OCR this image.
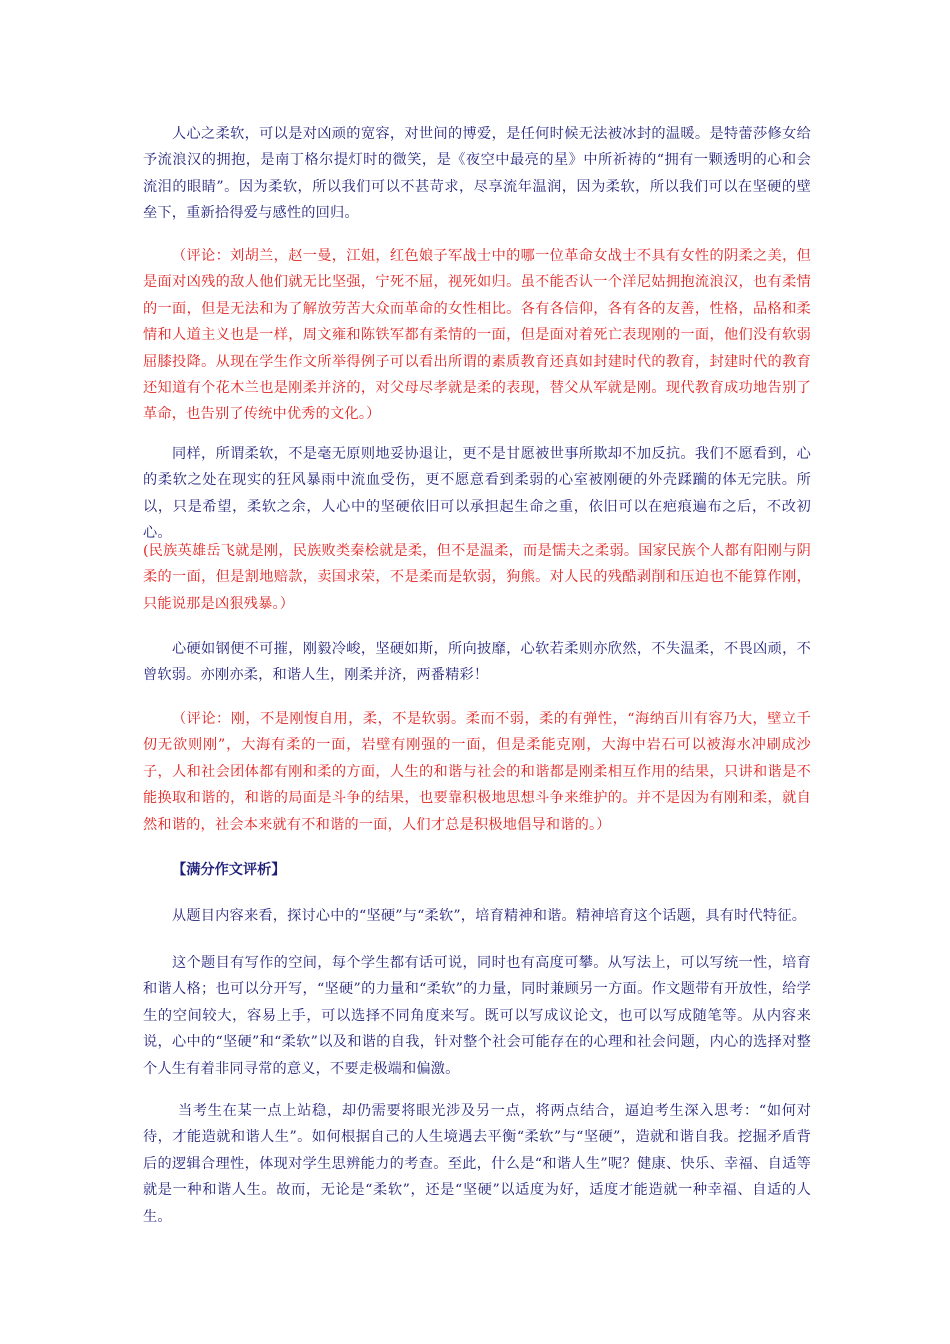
人心之柔软，可以是对凶顽的宽容，对世间的博爱，是任何时候无法被冰封的温暖。是特蕾莎修女给予流浪汉的拥抱，是南丁格尔提灯时的微笑，是《夜空中最亮的星》中所祈祷的“拥有一颗透明的心和会流泪的眼睛”。因为柔软，所以我们可以不甚苛求，尽享流年温润，因为柔软，所以我们可以在坚硬的壁垒下，重新拾得爱与感性的回归。

（评论：刘胡兰，赵一曼，江姐，红色娘子军战士中的哪一位革命女战士不具有女性的阴柔之美，但是面对凶残的敌人他们就无比坚强，宁死不屈，视死如归。虽不能否认一个洋尼姑拥抱流浪汉，也有柔情的一面，但是无法和为了解放劳苦大众而革命的女性相比。各有各信仰，各有各的友善，性格，品格和柔情和人道主义也是一样，周文雍和陈铁军都有柔情的一面，但是面对着死亡表现刚的一面，他们没有软弱屈膝投降。从现在学生作文所举得例子可以看出所谓的素质教育还真如封建时代的教育，封建时代的教育还知道有个花木兰也是刚柔并济的，对父母尽孝就是柔的表现，替父从军就是刚。现代教育成功地告别了革命，也告别了传统中优秀的文化。）

同样，所谓柔软，不是毫无原则地妥协退让，更不是甘愿被世事所欺却不加反抗。我们不愿看到，心的柔软之处在现实的狂风暴雨中流血受伤，更不愿意看到柔弱的心室被刚硬的外壳蹂躏的体无完肤。所以，只是希望，柔软之余，人心中的坚硬依旧可以承担起生命之重，依旧可以在疤痕遍布之后，不改初心。

(民族英雄岳飞就是刚，民族败类秦桧就是柔，但不是温柔，而是懦夫之柔弱。国家民族个人都有阳刚与阴柔的一面，但是割地赔款，卖国求荣，不是柔而是软弱，狗熊。对人民的残酷剥削和压迫也不能算作刚，只能说那是凶狠残暴。）

心硬如钢便不可摧，刚毅冷峻，坚硬如斯，所向披靡，心软若柔则亦欣然，不失温柔，不畏凶顽，不曾软弱。亦刚亦柔，和谐人生，刚柔并济，两番精彩！

（评论：刚，不是刚愎自用，柔，不是软弱。柔而不弱，柔的有弹性，“海纳百川有容乃大，壁立千仞无欲则刚”，大海有柔的一面，岩壁有刚强的一面，但是柔能克刚，大海中岩石可以被海水冲刷成沙子，人和社会团体都有刚和柔的方面，人生的和谐与社会的和谐都是刚柔相互作用的结果，只讲和谐是不能换取和谐的，和谐的局面是斗争的结果，也要靠积极地思想斗争来维护的。并不是因为有刚和柔，就自然和谐的，社会本来就有不和谐的一面，人们才总是积极地倡导和谐的。）

【满分作文评析】

从题目内容来看，探讨心中的“坚硬”与“柔软”，培育精神和谐。精神培育这个话题，具有时代特征。

这个题目有写作的空间，每个学生都有话可说，同时也有高度可攀。从写法上，可以写统一性，培育和谐人格；也可以分开写，“坚硬”的力量和“柔软”的力量，同时兼顾另一方面。作文题带有开放性，给学生的空间较大，容易上手，可以选择不同角度来写。既可以写成议论文，也可以写成随笔等。从内容来说，心中的“坚硬”和“柔软”以及和谐的自我，针对整个社会可能存在的心理和社会问题，内心的选择对整个人生有着非同寻常的意义，不要走极端和偏激。

当考生在某一点上站稳，却仍需要将眼光涉及另一点，将两点结合，逼迫考生深入思考：“如何对待，才能造就和谐人生”。如何根据自己的人生境遇去平衡“柔软”与“坚硬”，造就和谐自我。挖掘矛盾背后的逻辑合理性，体现对学生思辨能力的考查。至此，什么是“和谐人生”呢？健康、快乐、幸福、自适等就是一种和谐人生。故而，无论是“柔软”，还是“坚硬”以适度为好，适度才能造就一种幸福、自适的人生。
